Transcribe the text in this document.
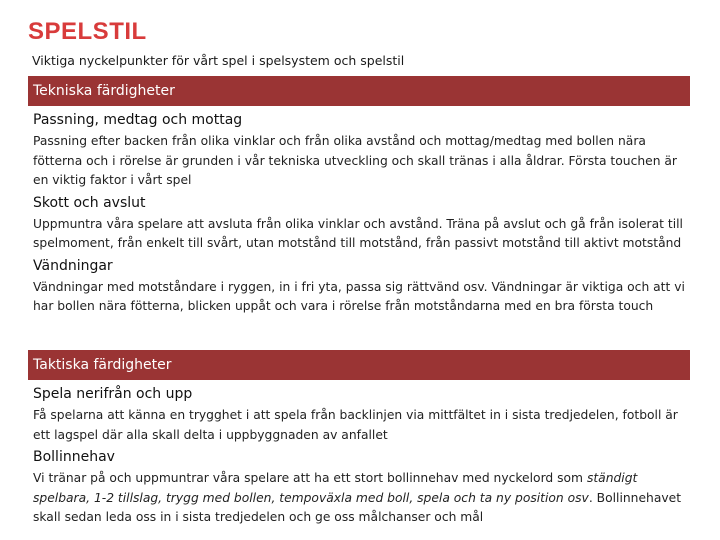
SPELSTIL
Viktiga nyckelpunkter för vårt spel i spelsystem och spelstil
Tekniska färdigheter
Passning, medtag och mottag
Passning efter backen från olika vinklar och från olika avstånd och mottag/medtag med bollen nära fötterna och i rörelse är grunden i vår tekniska utveckling och skall tränas i alla åldrar. Första touchen är en viktig faktor i vårt spel
Skott och avslut
Uppmuntra våra spelare att avsluta från olika vinklar och avstånd. Träna på avslut och gå från isolerat till spelmoment, från enkelt till svårt, utan motstånd till motstånd, från passivt motstånd till aktivt motstånd
Vändningar
Vändningar med motståndare i ryggen, in i fri yta, passa sig rättvänd osv. Vändningar är viktiga och att vi har bollen nära fötterna, blicken uppåt och vara i rörelse från motståndarna med en bra första touch
Taktiska färdigheter
Spela nerifrån och upp
Få spelarna att känna en trygghet i att spela från backlinjen via mittfältet in i sista tredjedelen, fotboll är ett lagspel där alla skall delta i uppbyggnaden av anfallet
Bollinnehav
Vi tränar på och uppmuntrar våra spelare att ha ett stort bollinnehav med nyckelord som ständigt spelbara, 1-2 tillslag, trygg med bollen, tempoväxla med boll, spela och ta ny position osv. Bollinnehavet skall sedan leda oss in i sista tredjedelen och ge oss målchanser och mål
